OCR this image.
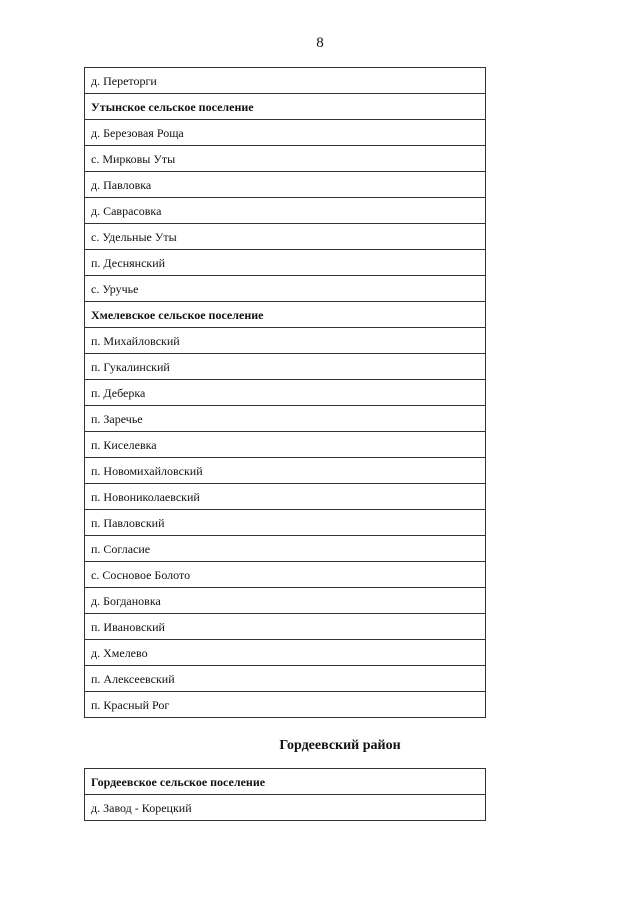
8
д. Переторги
Утынское сельское поселение
д. Березовая Роща
с. Мирковы Уты
д. Павловка
д. Саврасовка
с. Удельные Уты
п. Деснянский
с. Уручье
Хмелевское сельское поселение
п. Михайловский
п. Гукалинский
п. Деберка
п. Заречье
п. Киселевка
п. Новомихайловский
п. Новониколаевский
п. Павловский
п. Согласие
с. Сосновое Болото
д. Богдановка
п. Ивановский
д. Хмелево
п. Алексеевский
п. Красный Рог
Гордеевский район
Гордеевское сельское поселение
д. Завод - Корецкий
